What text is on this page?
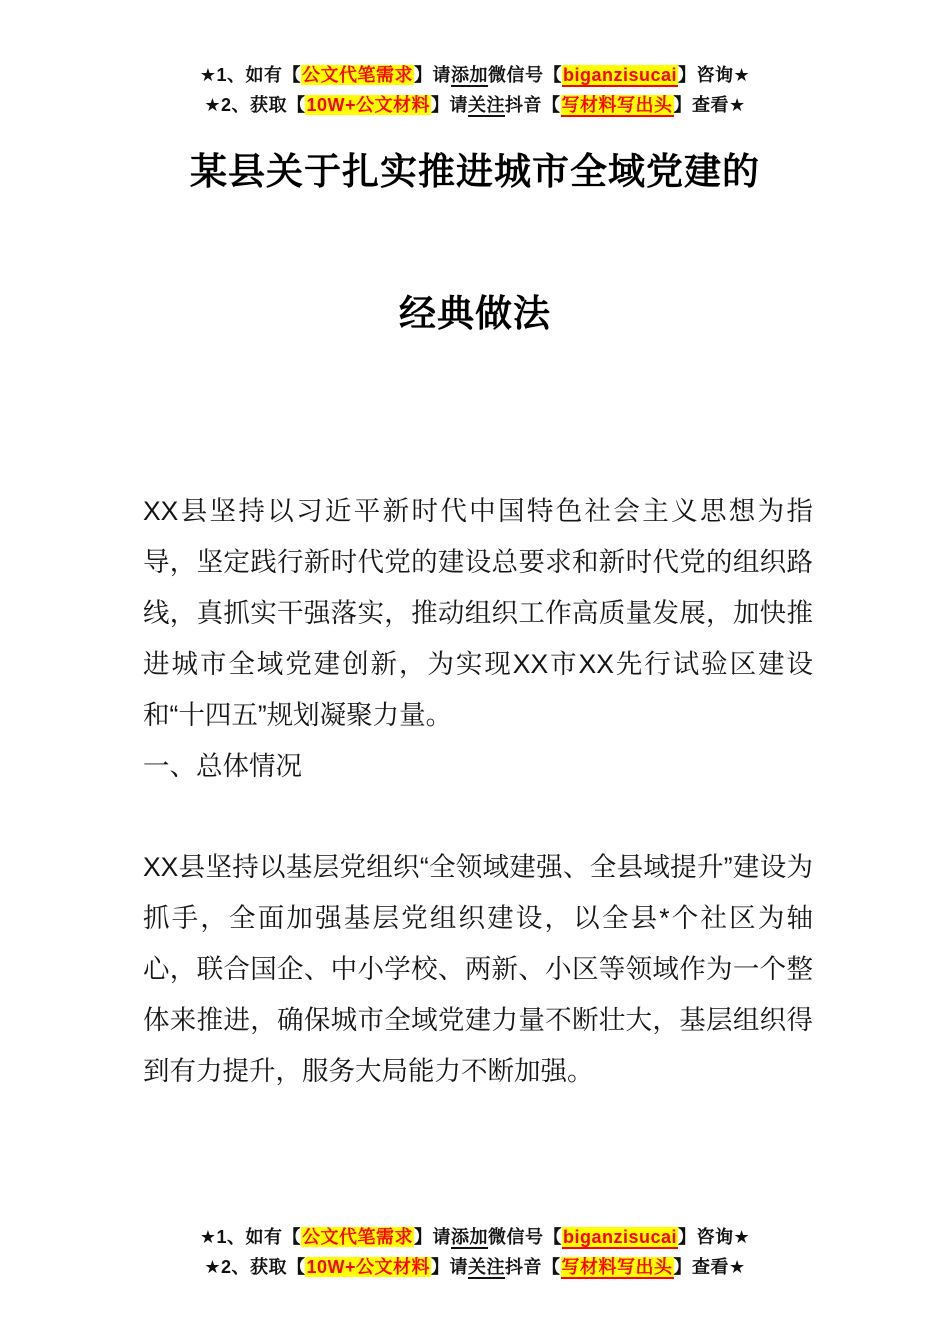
★1、如有【公文代笔需求】请添加微信号【biganzisucai】咨询★
★2、获取【10W+公文材料】请关注抖音【写材料写出头】查看★
某县关于扎实推进城市全域党建的
经典做法

XX县坚持以习近平新时代中国特色社会主义思想为指导，坚定践行新时代党的建设总要求和新时代党的组织路线，真抓实干强落实，推动组织工作高质量发展，加快推进城市全域党建创新，为实现XX市XX先行试验区建设和“十四五”规划凝聚力量。

一、总体情况

XX县坚持以基层党组织“全领域建强、全县域提升”建设为抓手，全面加强基层党组织建设，以全县*个社区为轴心，联合国企、中小学校、两新、小区等领域作为一个整体来推进，确保城市全域党建力量不断壮大，基层组织得到有力提升，服务大局能力不断加强。

★1、如有【公文代笔需求】请添加微信号【biganzisucai】咨询★
★2、获取【10W+公文材料】请关注抖音【写材料写出头】查看★
